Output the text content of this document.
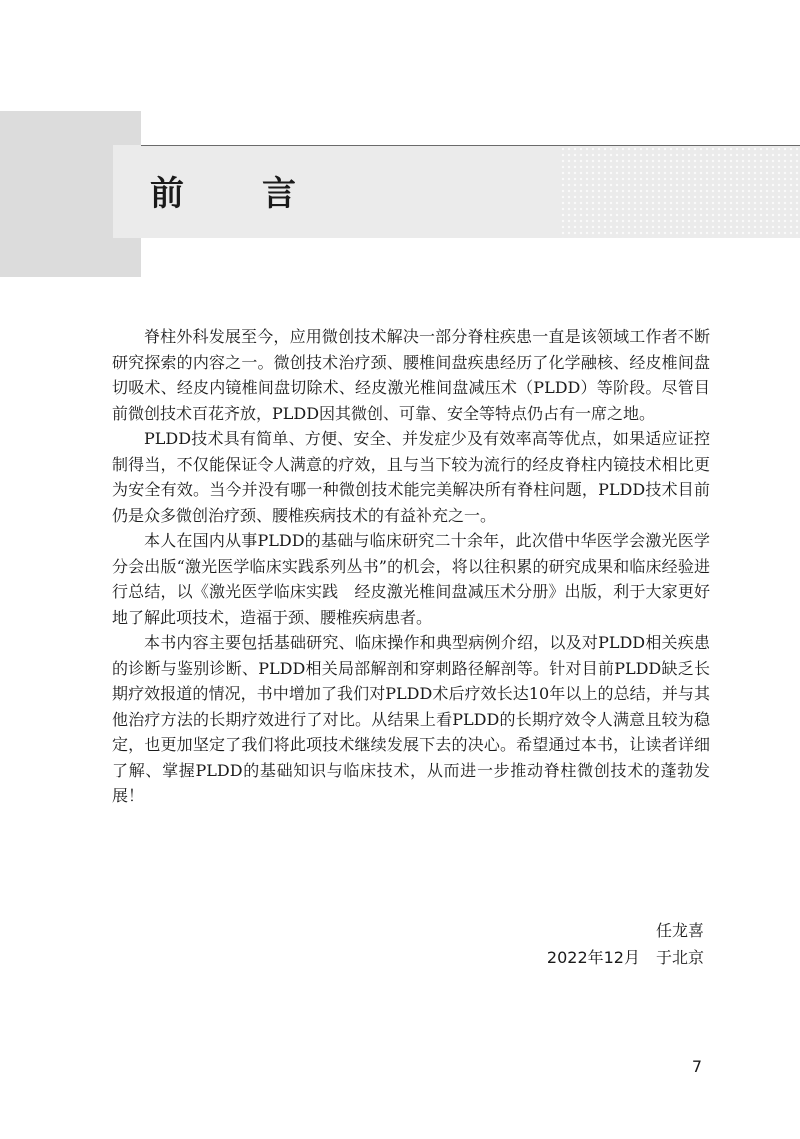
前　言

脊柱外科发展至今，应用微创技术解决一部分脊柱疾患一直是该领域工作者不断研究探索的内容之一。微创技术治疗颈、腰椎间盘疾患经历了化学融核、经皮椎间盘切吸术、经皮内镜椎间盘切除术、经皮激光椎间盘减压术（PLDD）等阶段。尽管目前微创技术百花齐放，PLDD因其微创、可靠、安全等特点仍占有一席之地。

PLDD技术具有简单、方便、安全、并发症少及有效率高等优点，如果适应证控制得当，不仅能保证令人满意的疗效，且与当下较为流行的经皮脊柱内镜技术相比更为安全有效。当今并没有哪一种微创技术能完美解决所有脊柱问题，PLDD技术目前仍是众多微创治疗颈、腰椎疾病技术的有益补充之一。

本人在国内从事PLDD的基础与临床研究二十余年，此次借中华医学会激光医学分会出版“激光医学临床实践系列丛书”的机会，将以往积累的研究成果和临床经验进行总结，以《激光医学临床实践　经皮激光椎间盘减压术分册》出版，利于大家更好地了解此项技术，造福于颈、腰椎疾病患者。

本书内容主要包括基础研究、临床操作和典型病例介绍，以及对PLDD相关疾患的诊断与鉴别诊断、PLDD相关局部解剖和穿刺路径解剖等。针对目前PLDD缺乏长期疗效报道的情况，书中增加了我们对PLDD术后疗效长达10年以上的总结，并与其他治疗方法的长期疗效进行了对比。从结果上看PLDD的长期疗效令人满意且较为稳定，也更加坚定了我们将此项技术继续发展下去的决心。希望通过本书，让读者详细了解、掌握PLDD的基础知识与临床技术，从而进一步推动脊柱微创技术的蓬勃发展！

任龙喜
2022年12月　于北京
7
